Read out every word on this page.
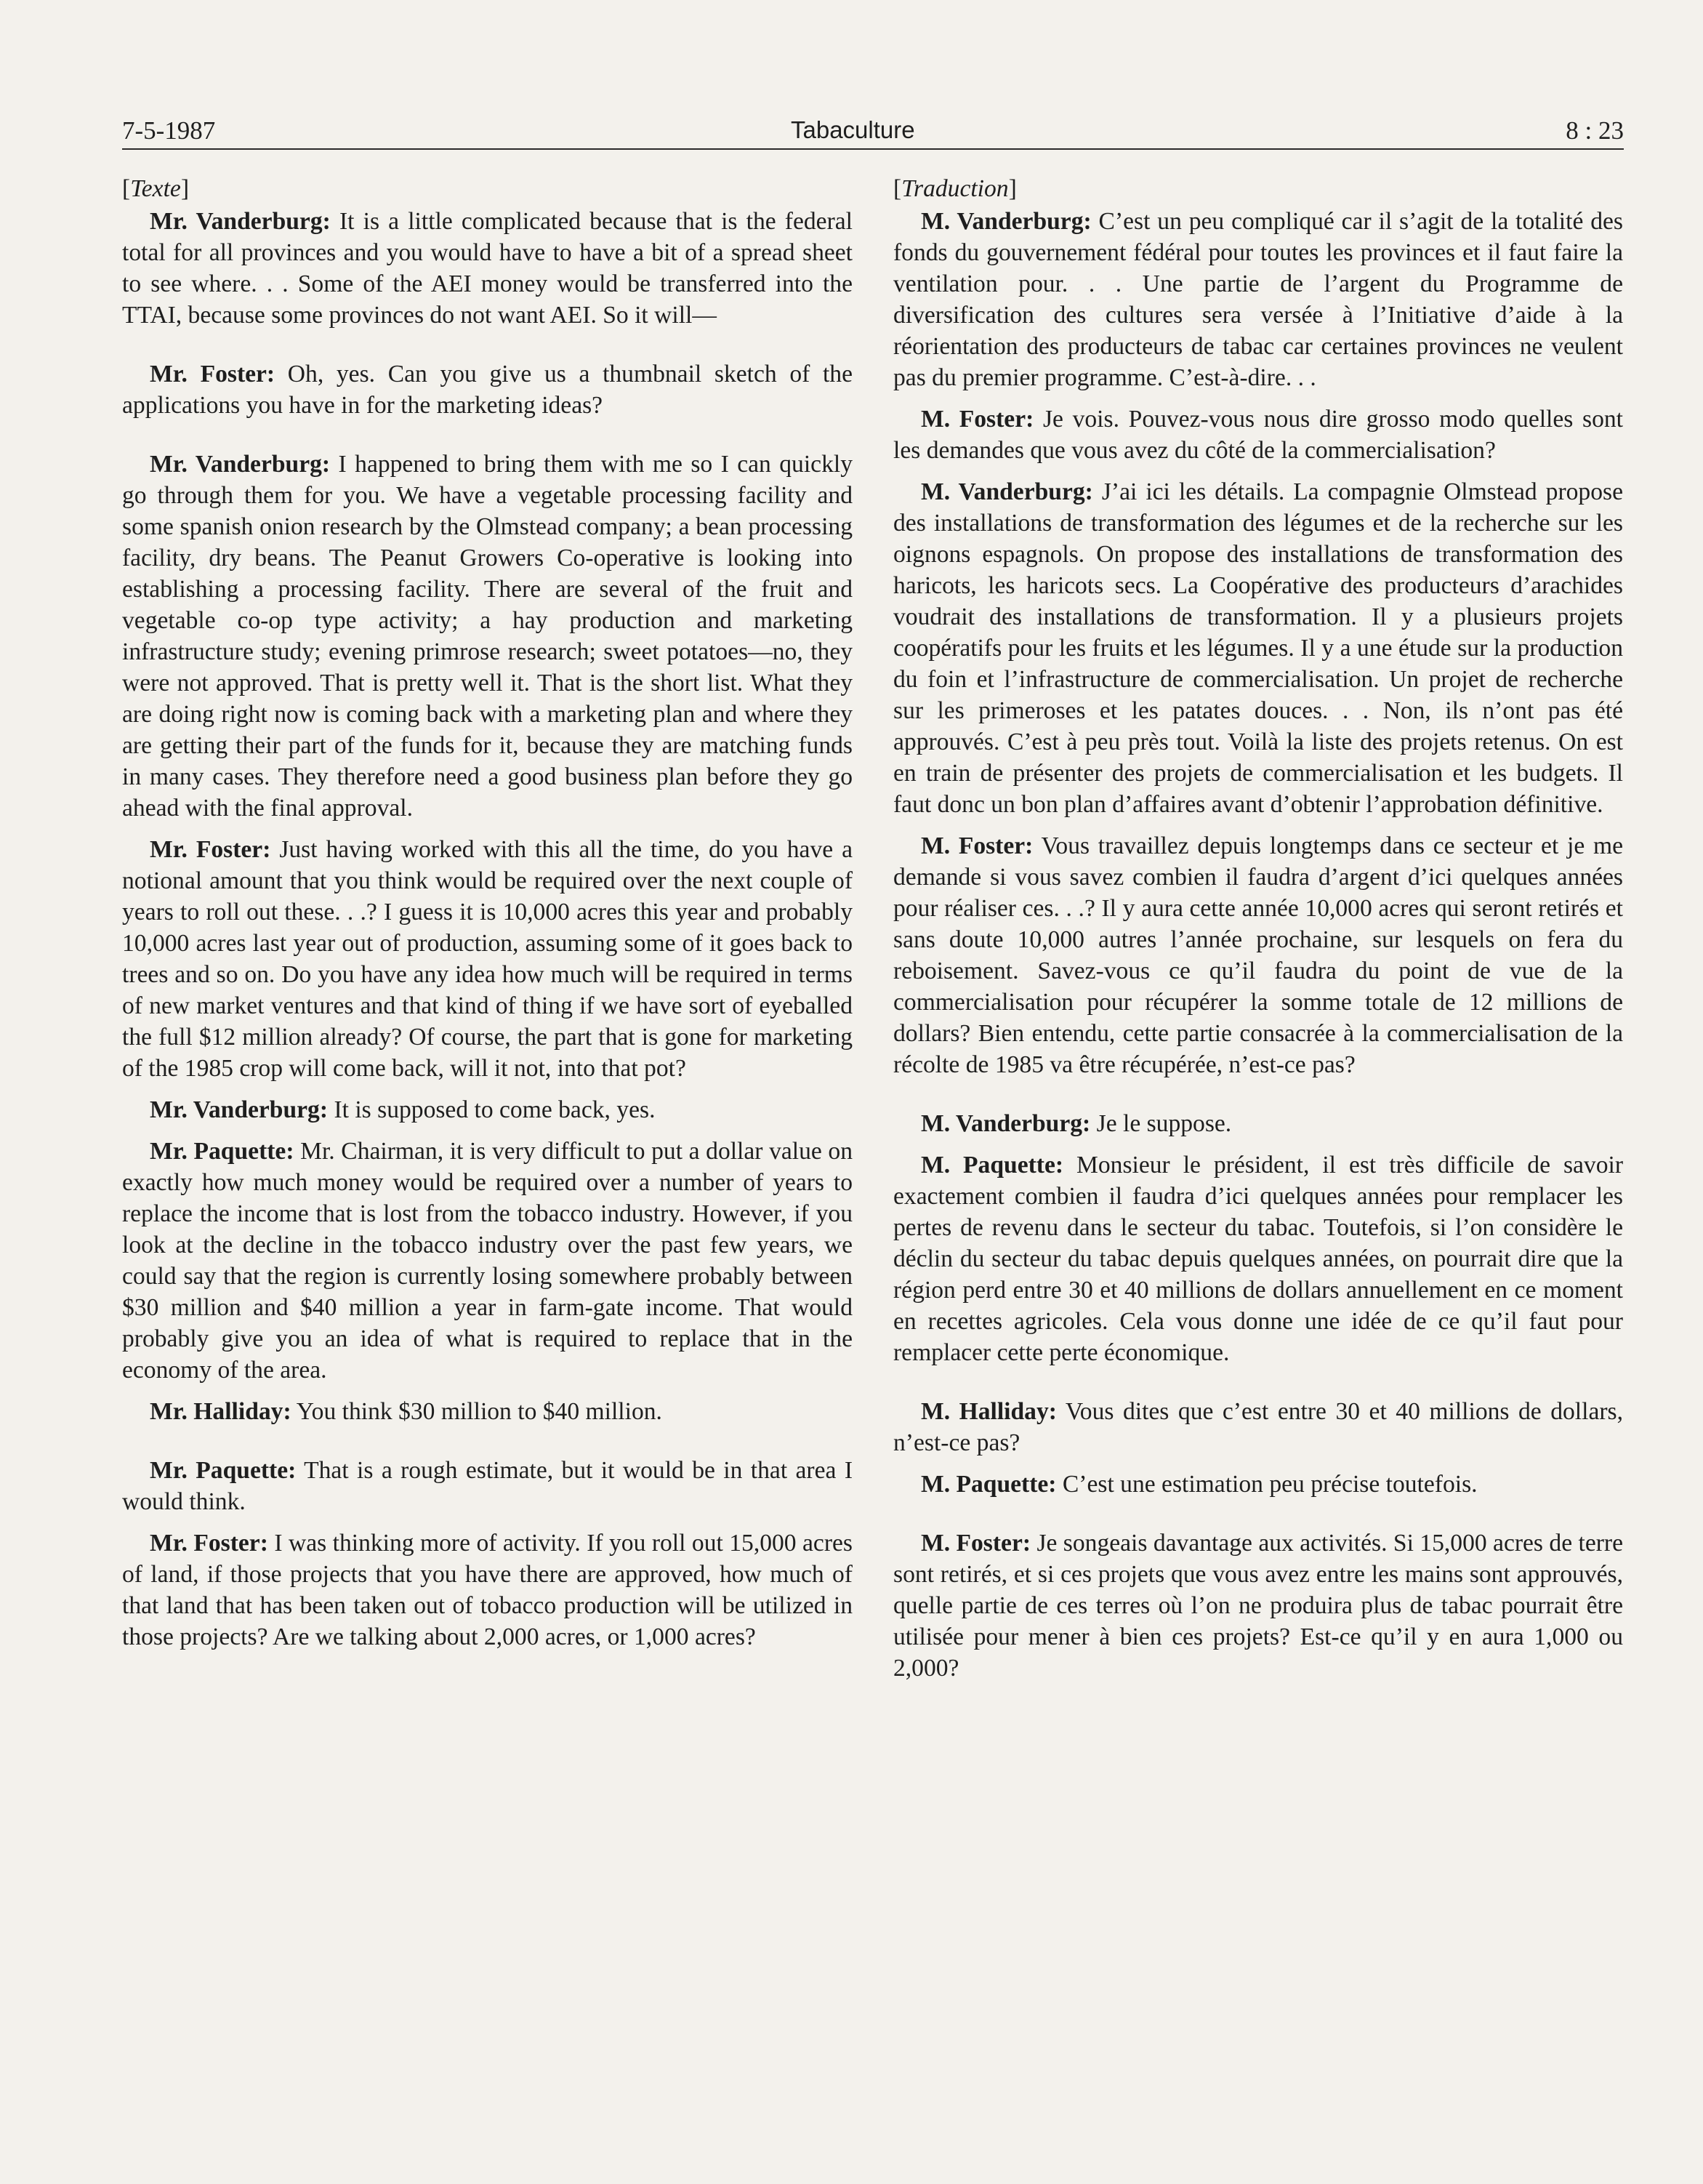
7-5-1987	Tabaculture	8 : 23
[Texte]

Mr. Vanderburg: It is a little complicated because that is the federal total for all provinces and you would have to have a bit of a spread sheet to see where. . . Some of the AEI money would be transferred into the TTAI, because some provinces do not want AEI. So it will—

Mr. Foster: Oh, yes. Can you give us a thumbnail sketch of the applications you have in for the marketing ideas?

Mr. Vanderburg: I happened to bring them with me so I can quickly go through them for you. We have a vegetable processing facility and some spanish onion research by the Olmstead company; a bean processing facility, dry beans. The Peanut Growers Co-operative is looking into establishing a processing facility. There are several of the fruit and vegetable co-op type activity; a hay production and marketing infrastructure study; evening primrose research; sweet potatoes—no, they were not approved. That is pretty well it. That is the short list. What they are doing right now is coming back with a marketing plan and where they are getting their part of the funds for it, because they are matching funds in many cases. They therefore need a good business plan before they go ahead with the final approval.

Mr. Foster: Just having worked with this all the time, do you have a notional amount that you think would be required over the next couple of years to roll out these. . .? I guess it is 10,000 acres this year and probably 10,000 acres last year out of production, assuming some of it goes back to trees and so on. Do you have any idea how much will be required in terms of new market ventures and that kind of thing if we have sort of eyeballed the full $12 million already? Of course, the part that is gone for marketing of the 1985 crop will come back, will it not, into that pot?

Mr. Vanderburg: It is supposed to come back, yes.

Mr. Paquette: Mr. Chairman, it is very difficult to put a dollar value on exactly how much money would be required over a number of years to replace the income that is lost from the tobacco industry. However, if you look at the decline in the tobacco industry over the past few years, we could say that the region is currently losing somewhere probably between $30 million and $40 million a year in farm-gate income. That would probably give you an idea of what is required to replace that in the economy of the area.

Mr. Halliday: You think $30 million to $40 million.

Mr. Paquette: That is a rough estimate, but it would be in that area I would think.

Mr. Foster: I was thinking more of activity. If you roll out 15,000 acres of land, if those projects that you have there are approved, how much of that land that has been taken out of tobacco production will be utilized in those projects? Are we talking about 2,000 acres, or 1,000 acres?

[Traduction]

M. Vanderburg: C’est un peu compliqué car il s’agit de la totalité des fonds du gouvernement fédéral pour toutes les provinces et il faut faire la ventilation pour. . . Une partie de l’argent du Programme de diversification des cultures sera versée à l’Initiative d’aide à la réorientation des producteurs de tabac car certaines provinces ne veulent pas du premier programme. C’est-à-dire. . .

M. Foster: Je vois. Pouvez-vous nous dire grosso modo quelles sont les demandes que vous avez du côté de la commercialisation?

M. Vanderburg: J’ai ici les détails. La compagnie Olmstead propose des installations de transformation des légumes et de la recherche sur les oignons espagnols. On propose des installations de transformation des haricots, les haricots secs. La Coopérative des producteurs d’arachides voudrait des installations de transformation. Il y a plusieurs projets coopératifs pour les fruits et les légumes. Il y a une étude sur la production du foin et l’infrastructure de commercialisation. Un projet de recherche sur les primeroses et les patates douces. . . Non, ils n’ont pas été approuvés. C’est à peu près tout. Voilà la liste des projets retenus. On est en train de présenter des projets de commercialisation et les budgets. Il faut donc un bon plan d’affaires avant d’obtenir l’approbation définitive.

M. Foster: Vous travaillez depuis longtemps dans ce secteur et je me demande si vous savez combien il faudra d’argent d’ici quelques années pour réaliser ces. . .? Il y aura cette année 10,000 acres qui seront retirés et sans doute 10,000 autres l’année prochaine, sur lesquels on fera du reboisement. Savez-vous ce qu’il faudra du point de vue de la commercialisation pour récupérer la somme totale de 12 millions de dollars? Bien entendu, cette partie consacrée à la commercialisation de la récolte de 1985 va être récupérée, n’est-ce pas?

M. Vanderburg: Je le suppose.

M. Paquette: Monsieur le président, il est très difficile de savoir exactement combien il faudra d’ici quelques années pour remplacer les pertes de revenu dans le secteur du tabac. Toutefois, si l’on considère le déclin du secteur du tabac depuis quelques années, on pourrait dire que la région perd entre 30 et 40 millions de dollars annuellement en ce moment en recettes agricoles. Cela vous donne une idée de ce qu’il faut pour remplacer cette perte économique.

M. Halliday: Vous dites que c’est entre 30 et 40 millions de dollars, n’est-ce pas?

M. Paquette: C’est une estimation peu précise toutefois.

M. Foster: Je songeais davantage aux activités. Si 15,000 acres de terre sont retirés, et si ces projets que vous avez entre les mains sont approuvés, quelle partie de ces terres où l’on ne produira plus de tabac pourrait être utilisée pour mener à bien ces projets? Est-ce qu’il y en aura 1,000 ou 2,000?
